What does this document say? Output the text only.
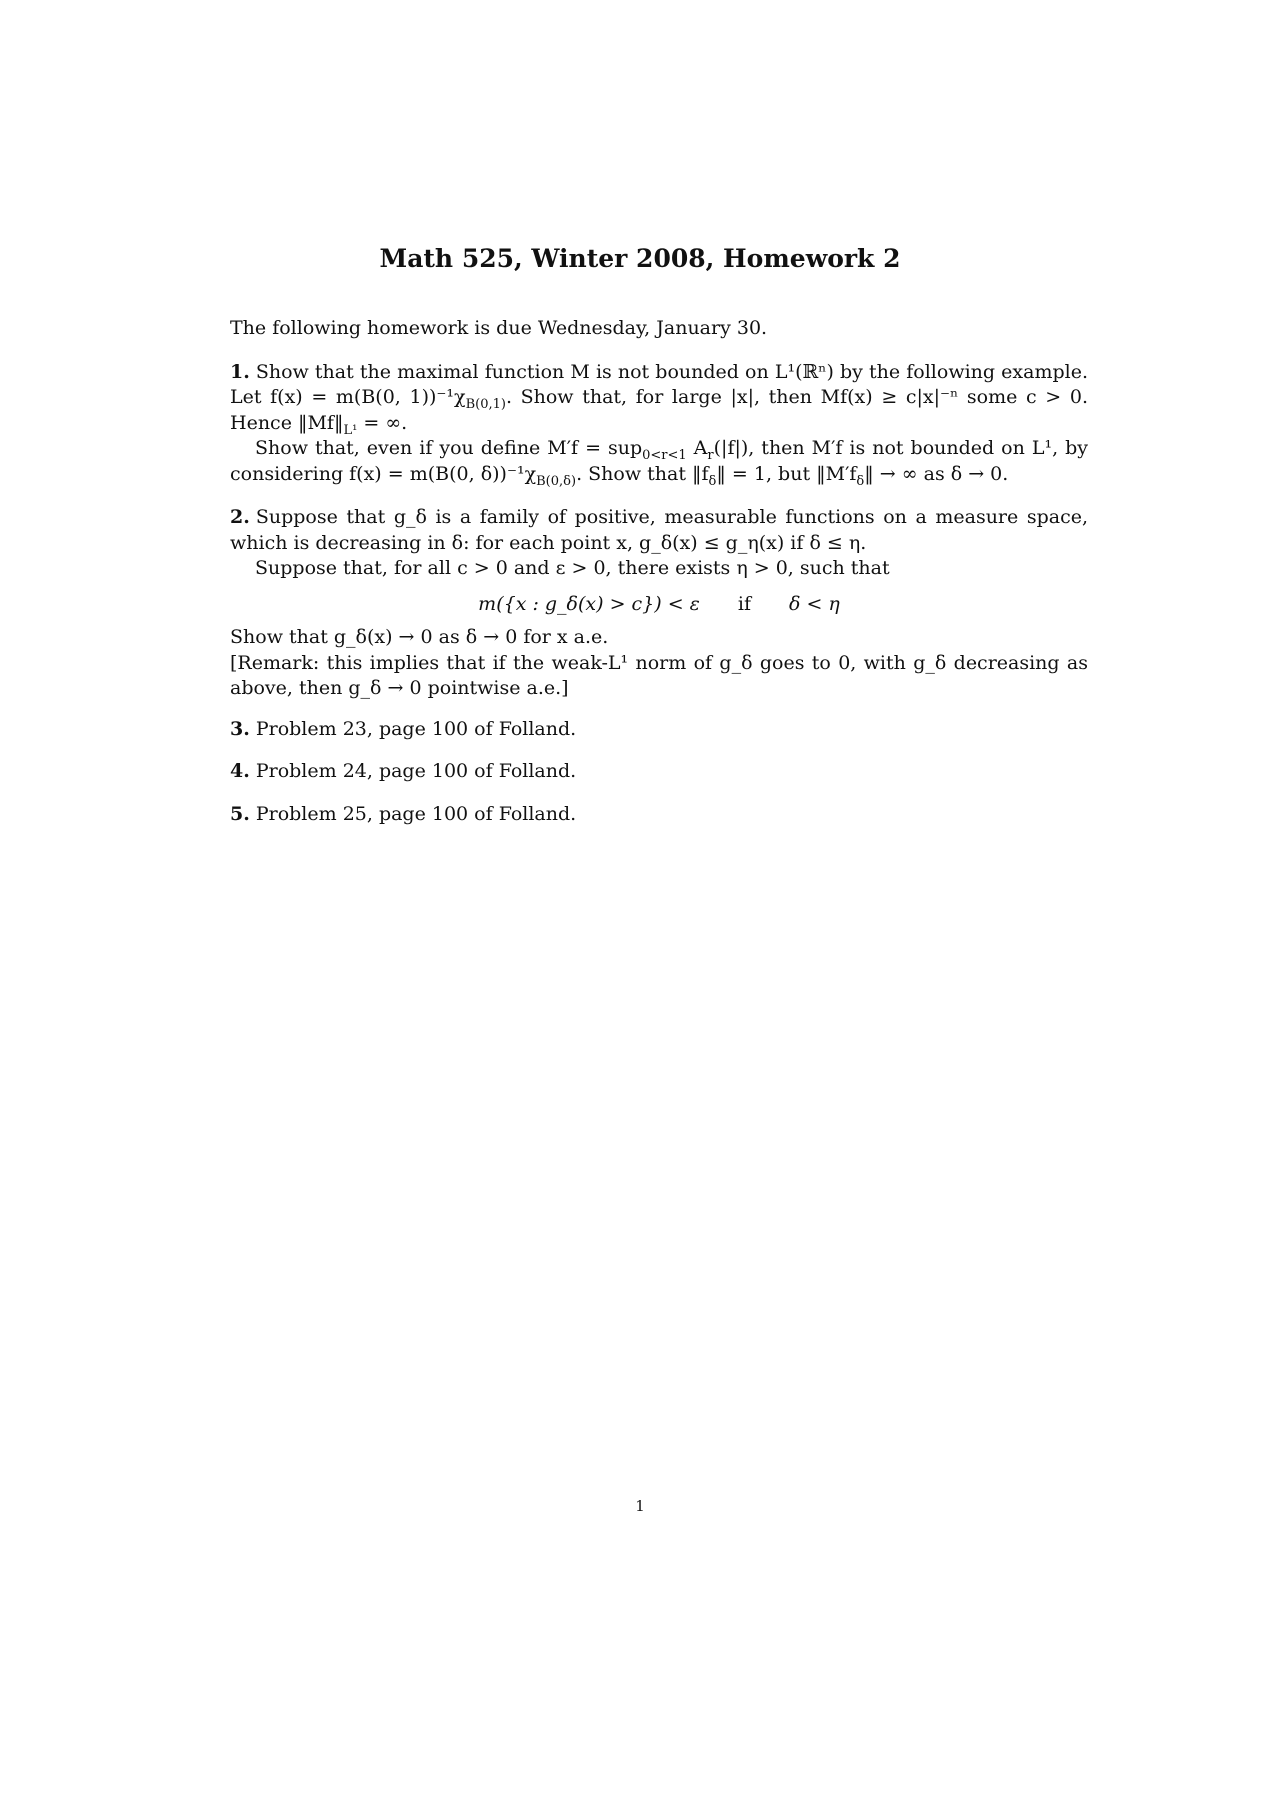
Math 525, Winter 2008, Homework 2

The following homework is due Wednesday, January 30.

1. Show that the maximal function M is not bounded on L¹(ℝⁿ) by the following example. Let f(x) = m(B(0, $1))^{-1}\chi_{B(0,1)}$. Show that, for large |x|, then Mf(x) ≥ c|x|⁻ⁿ some c > 0. Hence $‖Mf‖_{L^1}$ = ∞.

Show that, even if you define M′f = sup$_{0<r<1}$ $A_r(|f|)$, then M′f is not bounded on L¹, by considering f(x) = m(B(0, $\delta))^{-1}\chi_{B(0,\delta)}$. Show that $‖f_\delta‖ = 1$, but $‖M'f_\delta‖$ → ∞ as δ → 0.

2. Suppose that g_δ is a family of positive, measurable functions on a measure space, which is decreasing in δ: for each point x, g_δ(x) ≤ g_η(x) if δ ≤ η.

Suppose that, for all c > 0 and ε > 0, there exists η > 0, such that

m({x : g_δ(x) > c}) < ε if δ < η

Show that g_δ(x) → 0 as δ → 0 for x a.e.

[Remark: this implies that if the weak-L¹ norm of g_δ goes to 0, with g_δ decreasing as above, then g_δ → 0 pointwise a.e.]

3. Problem 23, page 100 of Folland.

4. Problem 24, page 100 of Folland.

5. Problem 25, page 100 of Folland.

1
